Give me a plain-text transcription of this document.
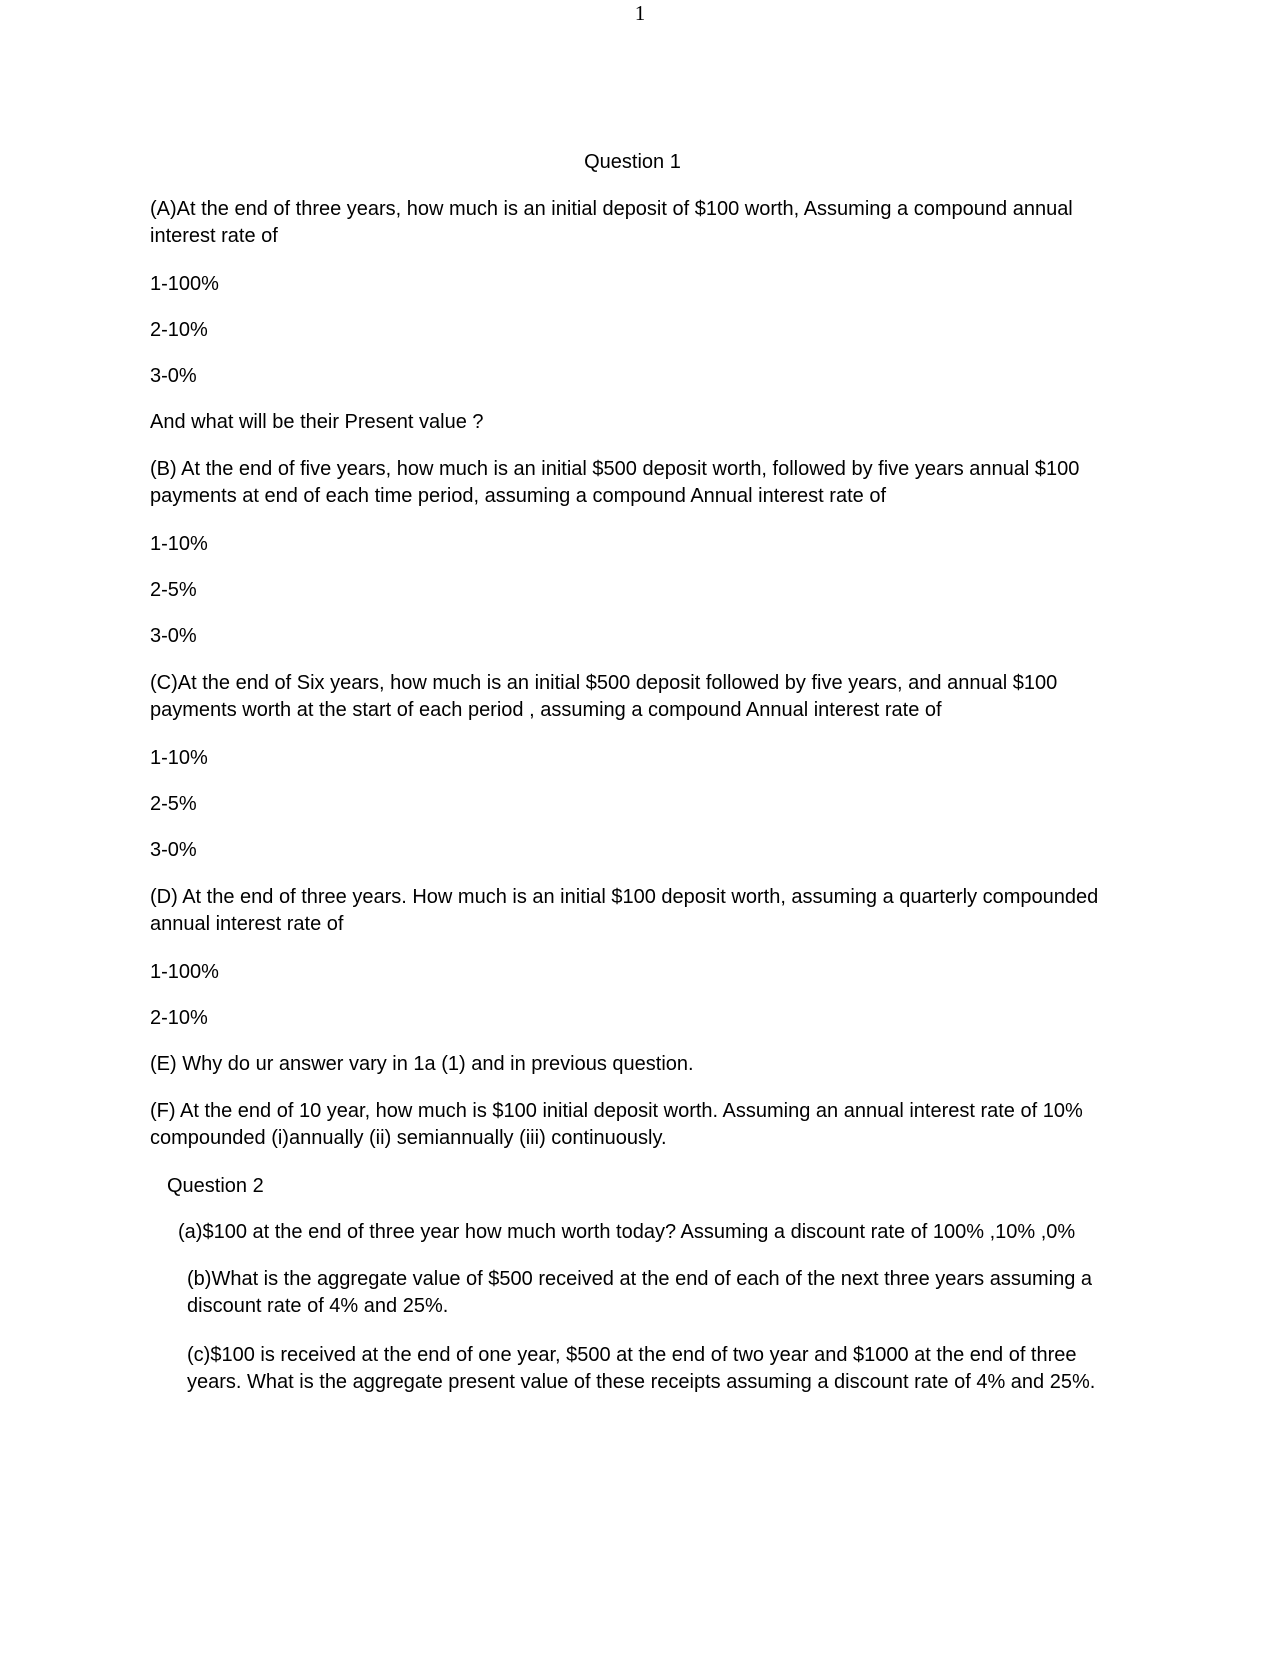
1
Question 1

(A)At the end of three years, how much is an initial deposit of $100 worth, Assuming a compound annual interest rate of

1-100%

2-10%

3-0%

And what will be their Present value ?

(B) At the end of five years, how much is an initial $500 deposit worth, followed by five years annual $100 payments at end of each time period, assuming a compound Annual interest rate of

1-10%

2-5%

3-0%

(C)At the end of Six years, how much is an initial $500 deposit followed by five years, and annual $100 payments worth at the start of each period , assuming a compound Annual interest rate of

1-10%

2-5%

3-0%

(D) At the end of three years. How much is an initial $100 deposit worth, assuming a quarterly compounded annual interest rate of

1-100%

2-10%

(E) Why do ur answer vary in 1a (1) and in previous question.

(F) At the end of 10 year, how much is $100 initial deposit worth. Assuming an annual interest rate of 10% compounded (i)annually (ii) semiannually (iii) continuously.

Question 2

(a)$100 at the end of three year how much worth today? Assuming a discount rate of 100% ,10% ,0%

(b)What is the aggregate value of $500 received at the end of each of the next three years assuming a discount rate of 4% and 25%.

(c)$100 is received at the end of one year, $500 at the end of two year and $1000 at the end of three years. What is the aggregate present value of these receipts assuming a discount rate of 4% and 25%.
